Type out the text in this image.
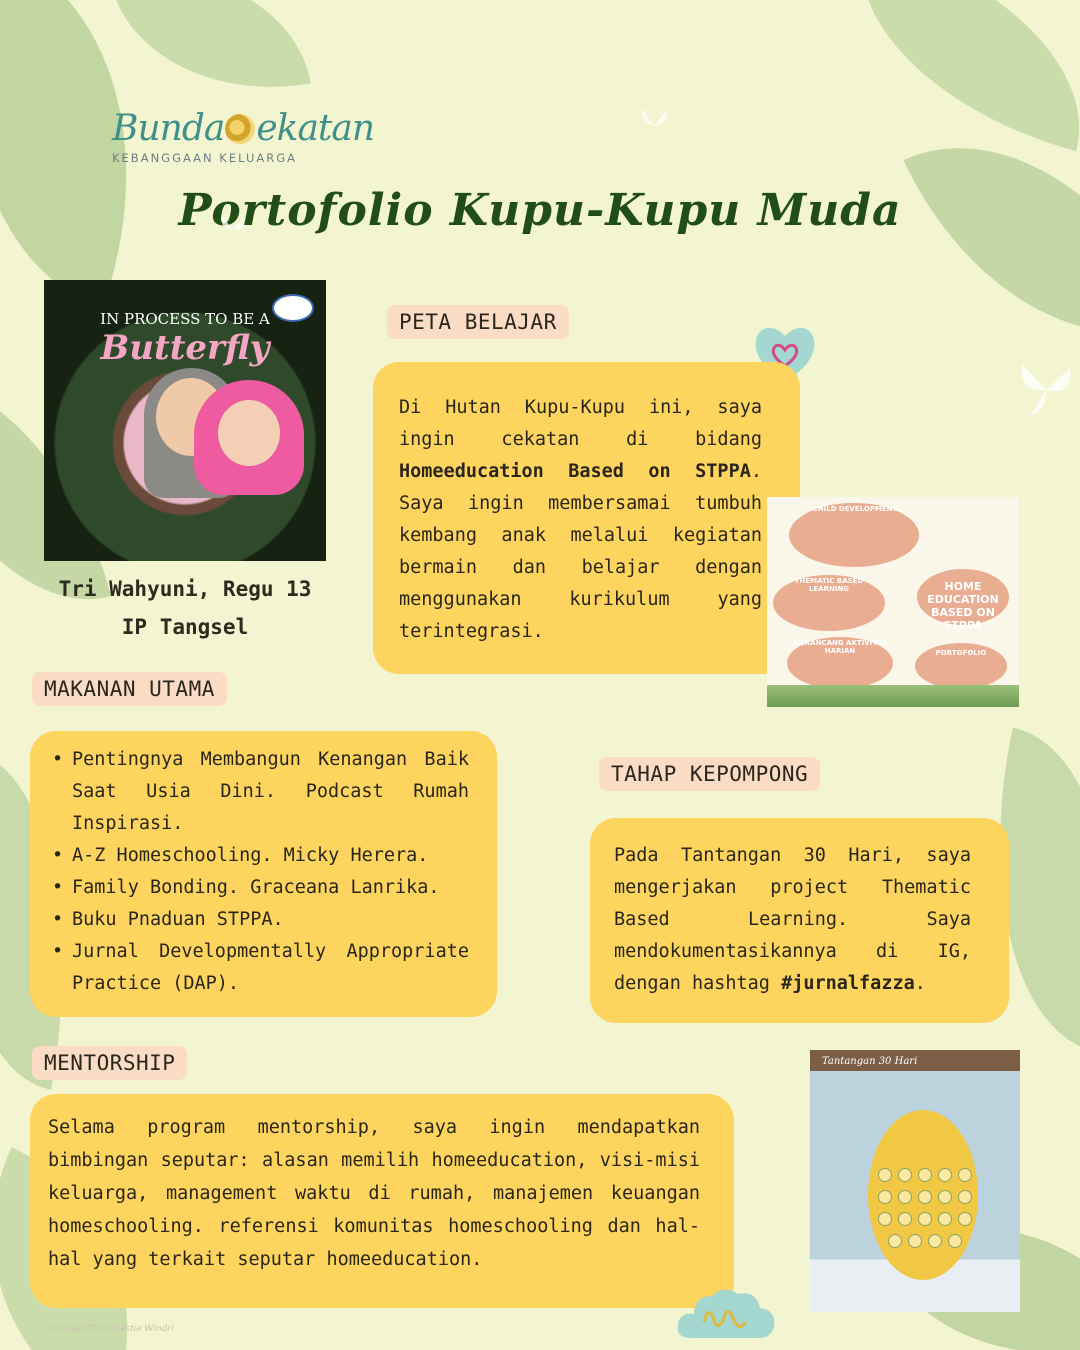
Bunda ekatan
KEBANGGAAN KELUARGA
Portofolio Kupu-Kupu Muda
IN PROCESS TO BE A
Butterfly
Tri Wahyuni, Regu 13
IP Tangsel
PETA BELAJAR

Di Hutan Kupu-Kupu ini, saya ingin cekatan di bidang Homeeducation Based on STPPA. Saya ingin membersamai tumbuh kembang anak melalui kegiatan bermain dan belajar dengan menggunakan kurikulum yang terintegrasi.

CHILD DEVELOPMENT
THEMATIC BASED LEARNING
MERANCANG AKTIVITAS HARIAN	PORTOFOLIO
HOME EDUCATION BASED ON STPPA
MAKANAN UTAMA
• Pentingnya Membangun Kenangan Baik Saat Usia Dini. Podcast Rumah Inspirasi.
• A-Z Homeschooling. Micky Herera.
• Family Bonding. Graceana Lanrika.
• Buku Pnaduan STPPA.
• Jurnal Developmentally Appropriate Practice (DAP).
TAHAP KEPOMPONG

Pada Tantangan 30 Hari, saya mengerjakan project Thematic Based Learning. Saya mendokumentasikannya di IG, dengan hashtag #jurnalfazza.

Tantangan 30 Hari
MENTORSHIP

Selama program mentorship, saya ingin mendapatkan bimbingan seputar: alasan memilih homeeducation, visi-misi keluarga, management waktu di rumah, manajemen keuangan homeschooling. referensi komunitas homeschooling dan hal-hal yang terkait seputar homeeducation.

Ilustrasi Oleh: Hastia Windri
